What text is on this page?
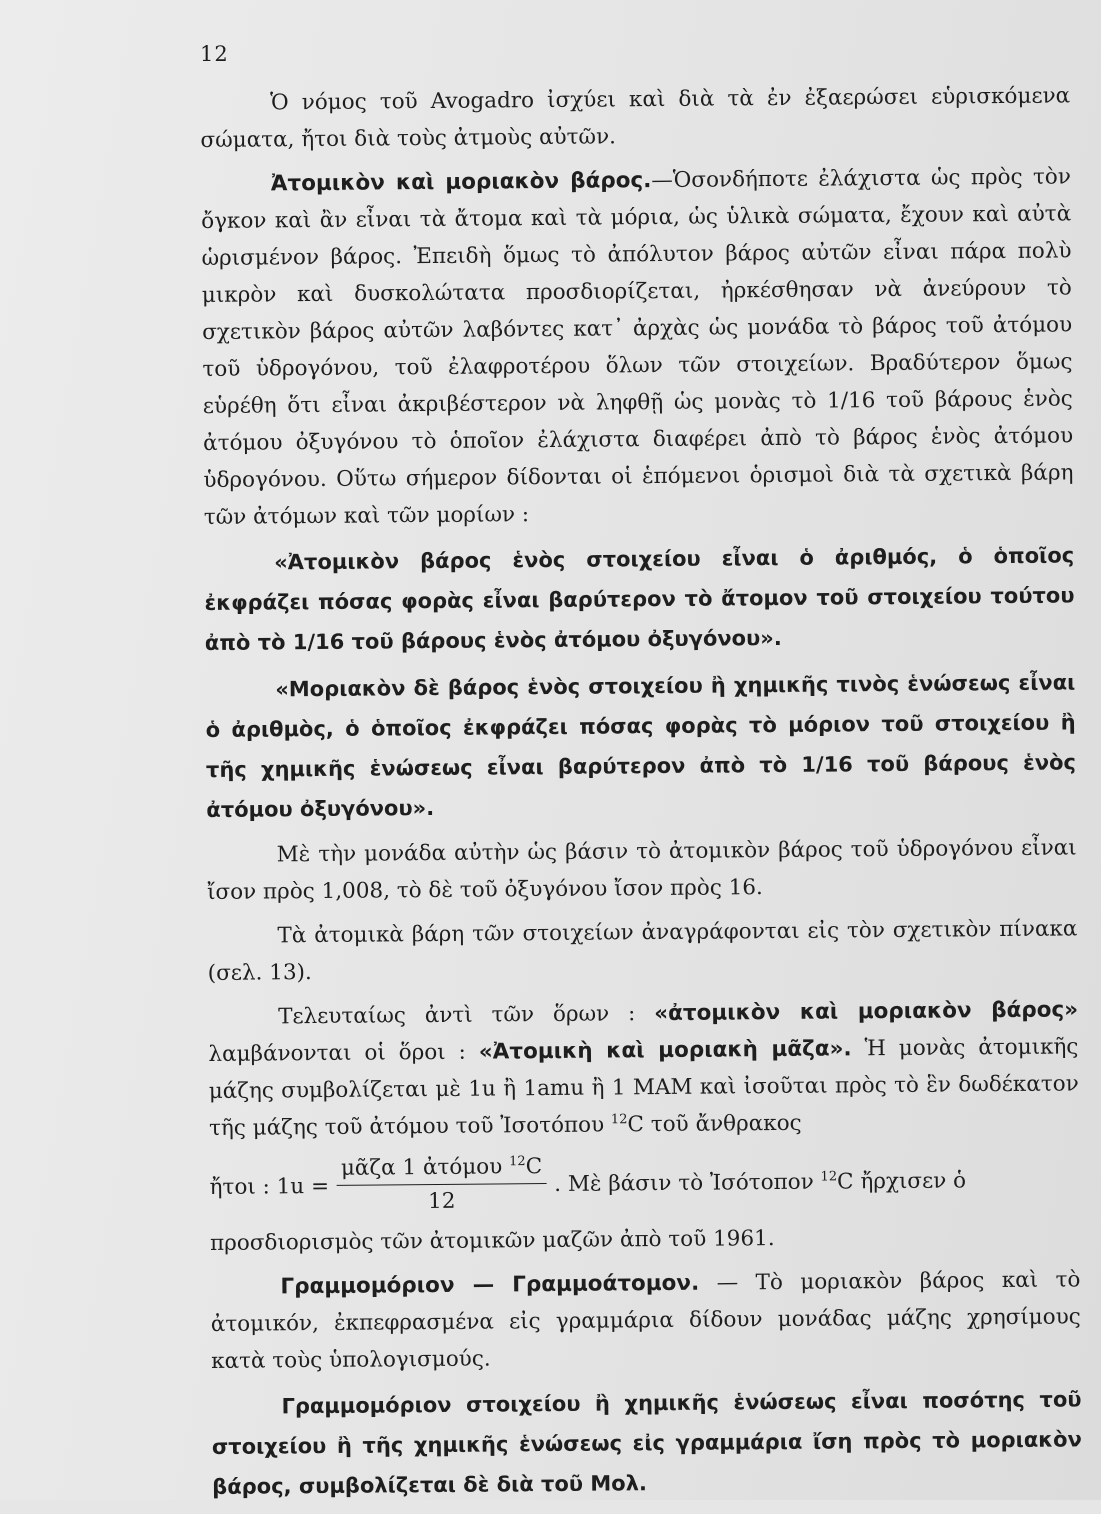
12

Ὁ νόμος τοῦ Avogadro ἰσχύει καὶ διὰ τὰ ἐν ἐξαερώσει εὑρισκόμενα σώματα, ἤτοι διὰ τοὺς ἀτμοὺς αὐτῶν.

Ἀτομικὸν καὶ μοριακὸν βάρος.—Ὁσονδήποτε ἐλάχιστα ὡς πρὸς τὸν ὄγκον καὶ ἂν εἶναι τὰ ἄτομα καὶ τὰ μόρια, ὡς ὑλικὰ σώματα, ἔχουν καὶ αὐτὰ ὡρισμένον βάρος. Ἐπειδὴ ὅμως τὸ ἀπόλυτον βάρος αὐτῶν εἶναι πάρα πολὺ μικρὸν καὶ δυσκολώτατα προσδιορίζεται, ἠρκέσθησαν νὰ ἀνεύρουν τὸ σχετικὸν βάρος αὐτῶν λαβόντες κατ᾽ ἀρχὰς ὡς μονάδα τὸ βάρος τοῦ ἀτόμου τοῦ ὑδρογόνου, τοῦ ἐλαφροτέρου ὅλων τῶν στοιχείων. Βραδύτερον ὅμως εὑρέθη ὅτι εἶναι ἀκριβέστερον νὰ ληφθῇ ὡς μονὰς τὸ 1/16 τοῦ βάρους ἑνὸς ἀτόμου ὀξυγόνου τὸ ὁποῖον ἐλάχιστα διαφέρει ἀπὸ τὸ βάρος ἑνὸς ἀτόμου ὑδρογόνου. Οὕτω σήμερον δίδονται οἱ ἑπόμενοι ὁρισμοὶ διὰ τὰ σχετικὰ βάρη τῶν ἀτόμων καὶ τῶν μορίων :

«Ἀτομικὸν βάρος ἑνὸς στοιχείου εἶναι ὁ ἀριθμός, ὁ ὁποῖος ἐκφράζει πόσας φορὰς εἶναι βαρύτερον τὸ ἄτομον τοῦ στοιχείου τούτου ἀπὸ τὸ 1/16 τοῦ βάρους ἑνὸς ἀτόμου ὀξυγόνου».

«Μοριακὸν δὲ βάρος ἑνὸς στοιχείου ἢ χημικῆς τινὸς ἑνώσεως εἶναι ὁ ἀριθμὸς, ὁ ὁποῖος ἐκφράζει πόσας φορὰς τὸ μόριον τοῦ στοιχείου ἢ τῆς χημικῆς ἑνώσεως εἶναι βαρύτερον ἀπὸ τὸ 1/16 τοῦ βάρους ἑνὸς ἀτόμου ὀξυγόνου».

Μὲ τὴν μονάδα αὐτὴν ὡς βάσιν τὸ ἀτομικὸν βάρος τοῦ ὑδρογόνου εἶναι ἴσον πρὸς 1,008, τὸ δὲ τοῦ ὀξυγόνου ἴσον πρὸς 16.

Τὰ ἀτομικὰ βάρη τῶν στοιχείων ἀναγράφονται εἰς τὸν σχετικὸν πίνακα (σελ. 13).

Τελευταίως ἀντὶ τῶν ὅρων : «ἀτομικὸν καὶ μοριακὸν βάρος» λαμβάνονται οἱ ὅροι : «Ἀτομικὴ καὶ μοριακὴ μᾶζα». Ἡ μονὰς ἀτομικῆς μάζης συμβολίζεται μὲ 1u ἢ 1amu ἢ 1 MAM καὶ ἰσοῦται πρὸς τὸ ἓν δωδέκατον τῆς μάζης τοῦ ἀτόμου τοῦ Ἰσοτόπου $^{12}$C τοῦ ἄνθρακος

ἤτοι : $1u = \frac{\mu ᾶ\zeta\alpha 1 ἀ\tau ό\mu o\upsilon ^{12}C}{12}$ . Μὲ βάσιν τὸ Ἰσότοπον $^{12}$C ἤρχισεν ὁ

προσδιορισμὸς τῶν ἀτομικῶν μαζῶν ἀπὸ τοῦ 1961.

Γραμμομόριον — Γραμμοάτομον. — Τὸ μοριακὸν βάρος καὶ τὸ ἀτομικόν, ἐκπεφρασμένα εἰς γραμμάρια δίδουν μονάδας μάζης χρησίμους κατὰ τοὺς ὑπολογισμούς.

Γραμμομόριον στοιχείου ἢ χημικῆς ἑνώσεως εἶναι ποσότης τοῦ στοιχείου ἢ τῆς χημικῆς ἑνώσεως εἰς γραμμάρια ἴση πρὸς τὸ μοριακὸν βάρος, συμβολίζεται δὲ διὰ τοῦ Μολ.
